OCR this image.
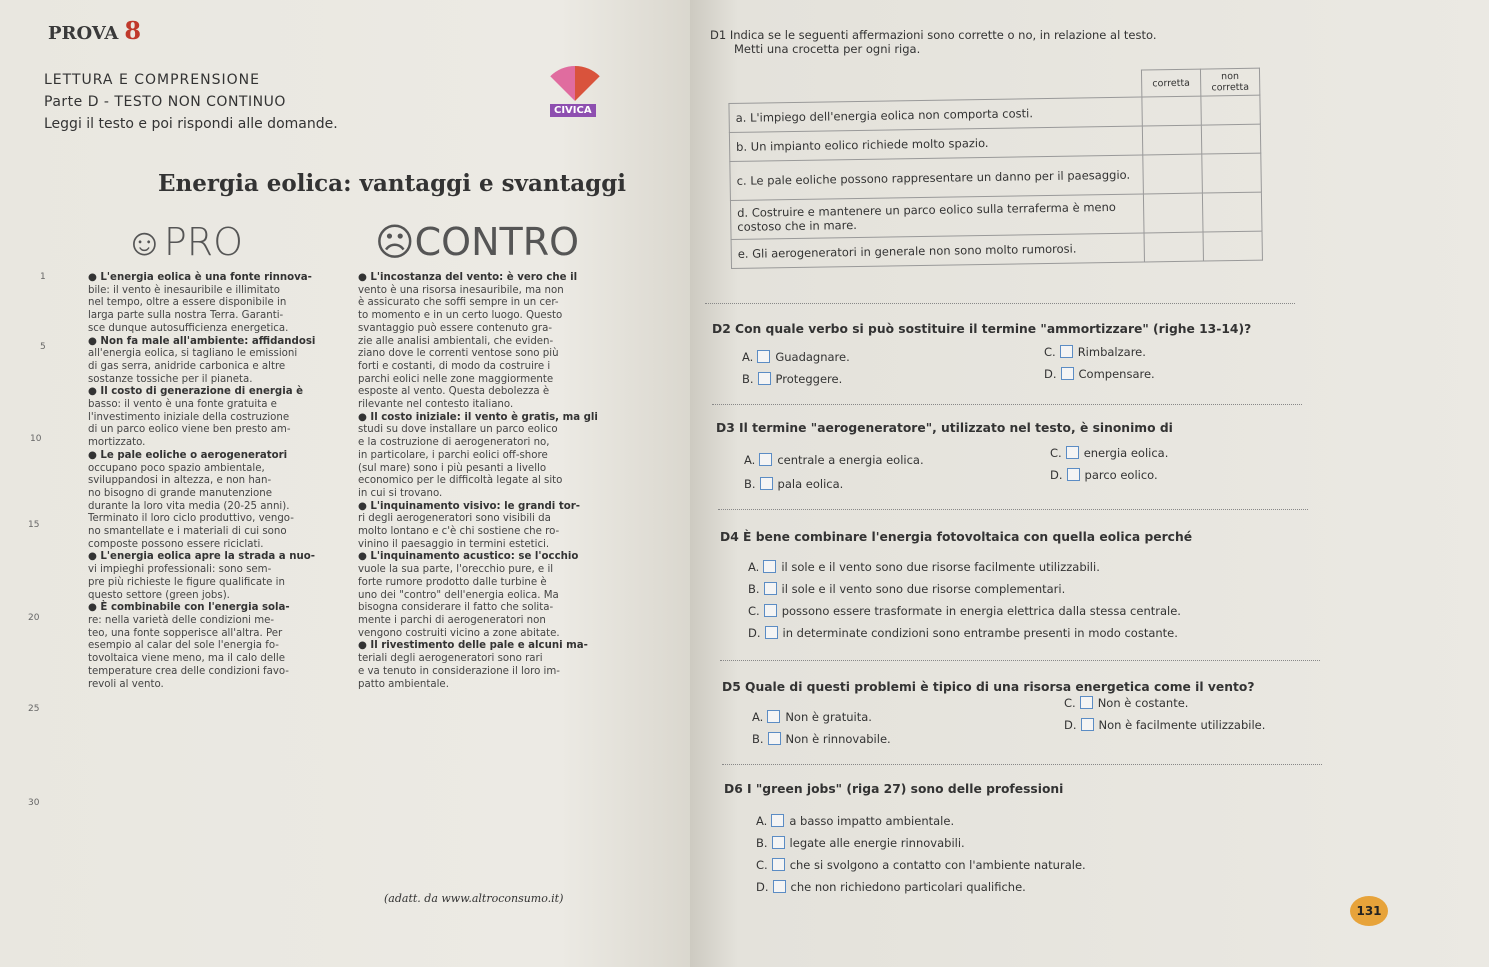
PROVA 8
LETTURA E COMPRENSIONE
Parte D - TESTO NON CONTINUO
Leggi il testo e poi rispondi alle domande.
CIVICA
Energia eolica: vantaggi e svantaggi
☺PRO	☹CONTRO
1
5
10
15
20
25
30
● L'energia eolica è una fonte rinnova-
bile: il vento è inesauribile e illimitato
nel tempo, oltre a essere disponibile in
larga parte sulla nostra Terra. Garanti-
sce dunque autosufficienza energetica.
● Non fa male all'ambiente: affidandosi
all'energia eolica, si tagliano le emissioni
di gas serra, anidride carbonica e altre
sostanze tossiche per il pianeta.
● Il costo di generazione di energia è
basso: il vento è una fonte gratuita e
l'investimento iniziale della costruzione
di un parco eolico viene ben presto am-
mortizzato.
● Le pale eoliche o aerogeneratori
occupano poco spazio ambientale,
sviluppandosi in altezza, e non han-
no bisogno di grande manutenzione
durante la loro vita media (20-25 anni).
Terminato il loro ciclo produttivo, vengo-
no smantellate e i materiali di cui sono
composte possono essere riciclati.
● L'energia eolica apre la strada a nuo-
vi impieghi professionali: sono sem-
pre più richieste le figure qualificate in
questo settore (green jobs).
● È combinabile con l'energia sola-
re: nella varietà delle condizioni me-
teo, una fonte sopperisce all'altra. Per
esempio al calar del sole l'energia fo-
tovoltaica viene meno, ma il calo delle
temperature crea delle condizioni favo-
revoli al vento.
● L'incostanza del vento: è vero che il
vento è una risorsa inesauribile, ma non
è assicurato che soffi sempre in un cer-
to momento e in un certo luogo. Questo
svantaggio può essere contenuto gra-
zie alle analisi ambientali, che eviden-
ziano dove le correnti ventose sono più
forti e costanti, di modo da costruire i
parchi eolici nelle zone maggiormente
esposte al vento. Questa debolezza è
rilevante nel contesto italiano.
● Il costo iniziale: il vento è gratis, ma gli
studi su dove installare un parco eolico
e la costruzione di aerogeneratori no,
in particolare, i parchi eolici off-shore
(sul mare) sono i più pesanti a livello
economico per le difficoltà legate al sito
in cui si trovano.
● L'inquinamento visivo: le grandi tor-
ri degli aerogeneratori sono visibili da
molto lontano e c'è chi sostiene che ro-
vinino il paesaggio in termini estetici.
● L'inquinamento acustico: se l'occhio
vuole la sua parte, l'orecchio pure, e il
forte rumore prodotto dalle turbine è
uno dei "contro" dell'energia eolica. Ma
bisogna considerare il fatto che solita-
mente i parchi di aerogeneratori non
vengono costruiti vicino a zone abitate.
● Il rivestimento delle pale e alcuni ma-
teriali degli aerogeneratori sono rari
e va tenuto in considerazione il loro im-
patto ambientale.
(adatt. da www.altroconsumo.it)
D1 Indica se le seguenti affermazioni sono corrette o no, in relazione al testo.
Metti una crocetta per ogni riga.
	corretta	non corretta
a. L'impiego dell'energia eolica non comporta costi.		
b. Un impianto eolico richiede molto spazio.		
c. Le pale eoliche possono rappresentare un danno per il paesaggio.		
d. Costruire e mantenere un parco eolico sulla terraferma è meno costoso che in mare.		
e. Gli aerogeneratori in generale non sono molto rumorosi.		
D2 Con quale verbo si può sostituire il termine "ammortizzare" (righe 13-14)?
A. Guadagnare.
B. Proteggere.
C. Rimbalzare.
D. Compensare.
D3 Il termine "aerogeneratore", utilizzato nel testo, è sinonimo di
A. centrale a energia eolica.
B. pala eolica.
C. energia eolica.
D. parco eolico.
D4 È bene combinare l'energia fotovoltaica con quella eolica perché
A. il sole e il vento sono due risorse facilmente utilizzabili.
B. il sole e il vento sono due risorse complementari.
C. possono essere trasformate in energia elettrica dalla stessa centrale.
D. in determinate condizioni sono entrambe presenti in modo costante.
D5 Quale di questi problemi è tipico di una risorsa energetica come il vento?
A. Non è gratuita.
B. Non è rinnovabile.
C. Non è costante.
D. Non è facilmente utilizzabile.
D6 I "green jobs" (riga 27) sono delle professioni
A. a basso impatto ambientale.
B. legate alle energie rinnovabili.
C. che si svolgono a contatto con l'ambiente naturale.
D. che non richiedono particolari qualifiche.
131
